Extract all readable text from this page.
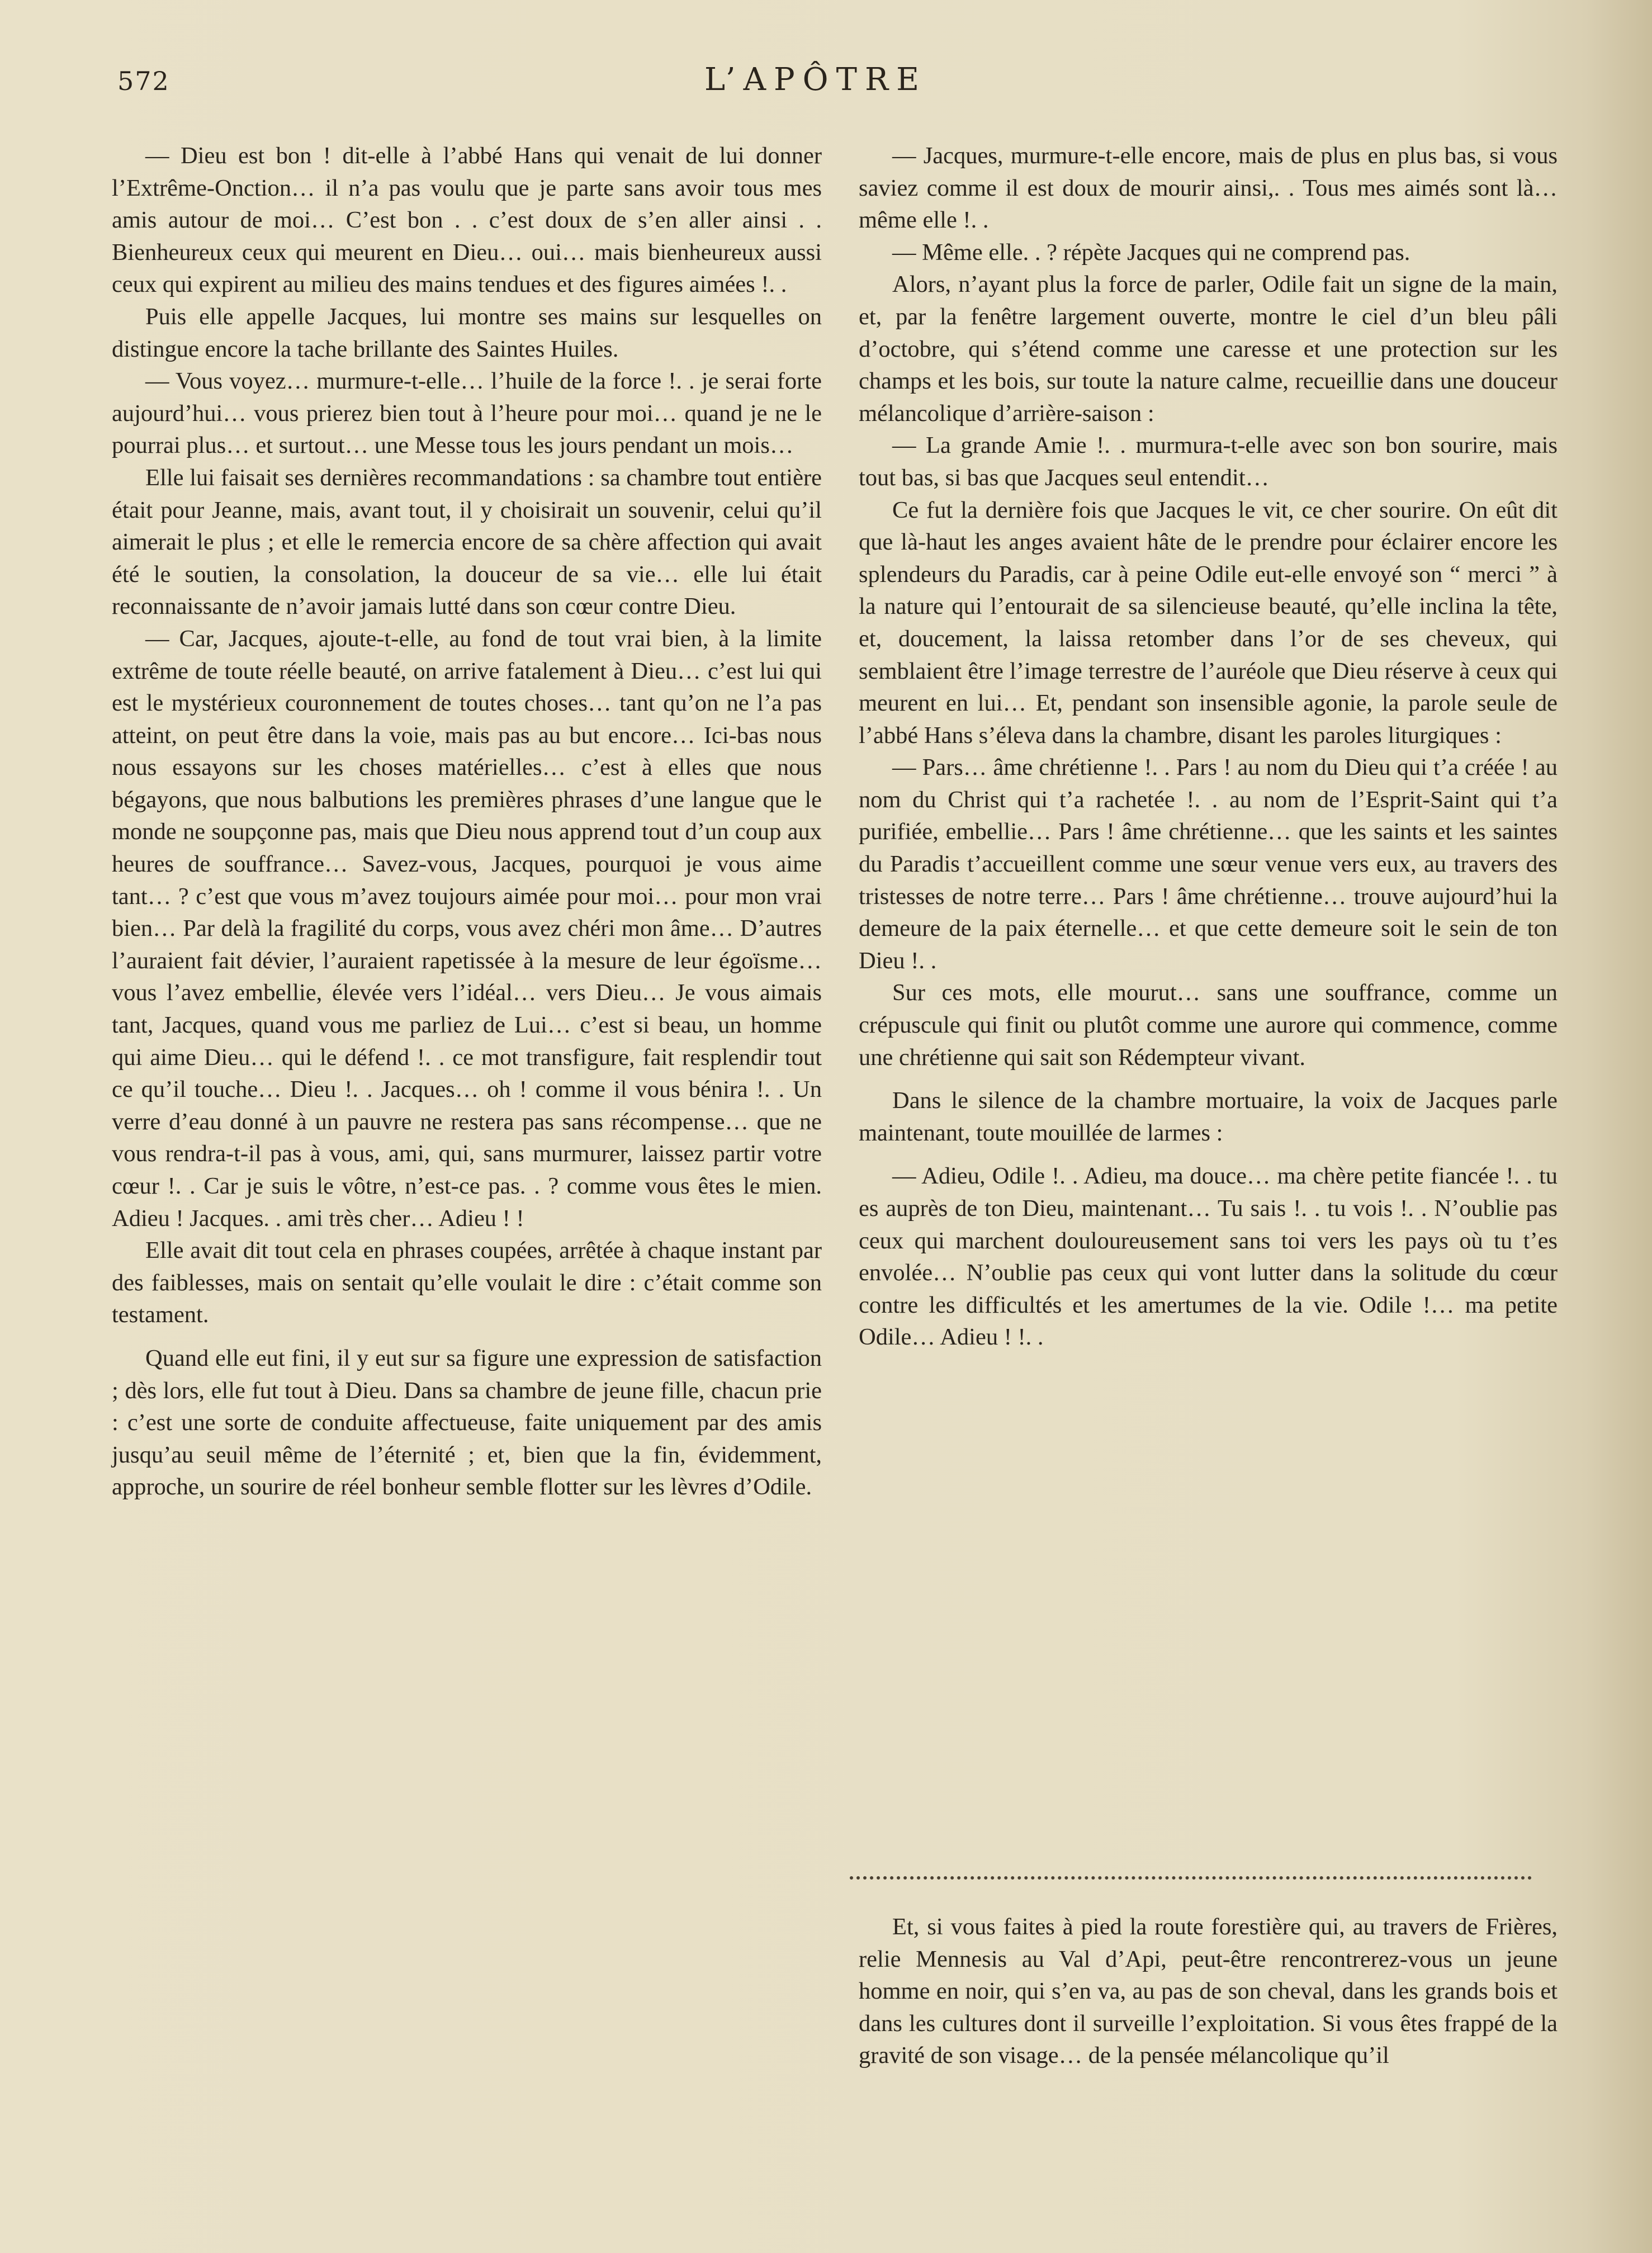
572	L’APÔTRE

— Dieu est bon ! dit-elle à l’abbé Hans qui venait de lui donner l’Extrême-Onction… il n’a pas voulu que je parte sans avoir tous mes amis autour de moi… C’est bon . . c’est doux de s’en aller ainsi . . Bienheureux ceux qui meurent en Dieu… oui… mais bienheureux aussi ceux qui expirent au milieu des mains tendues et des figures aimées !. .

Puis elle appelle Jacques, lui montre ses mains sur lesquelles on distingue encore la tache brillante des Saintes Huiles.

— Vous voyez… murmure-t-elle… l’huile de la force !. . je serai forte aujourd’hui… vous prierez bien tout à l’heure pour moi… quand je ne le pourrai plus… et surtout… une Messe tous les jours pendant un mois…

Elle lui faisait ses dernières recommandations : sa chambre tout entière était pour Jeanne, mais, avant tout, il y choisirait un souvenir, celui qu’il aimerait le plus ; et elle le remercia encore de sa chère affection qui avait été le soutien, la consolation, la douceur de sa vie… elle lui était reconnaissante de n’avoir jamais lutté dans son cœur contre Dieu.

— Car, Jacques, ajoute-t-elle, au fond de tout vrai bien, à la limite extrême de toute réelle beauté, on arrive fatalement à Dieu… c’est lui qui est le mystérieux couronnement de toutes choses… tant qu’on ne l’a pas atteint, on peut être dans la voie, mais pas au but encore… Ici-bas nous nous essayons sur les choses matérielles… c’est à elles que nous bégayons, que nous balbutions les premières phrases d’une langue que le monde ne soupçonne pas, mais que Dieu nous apprend tout d’un coup aux heures de souffrance… Savez-vous, Jacques, pourquoi je vous aime tant… ? c’est que vous m’avez toujours aimée pour moi… pour mon vrai bien… Par delà la fragilité du corps, vous avez chéri mon âme… D’autres l’auraient fait dévier, l’auraient rapetissée à la mesure de leur égoïsme… vous l’avez embellie, élevée vers l’idéal… vers Dieu… Je vous aimais tant, Jacques, quand vous me parliez de Lui… c’est si beau, un homme qui aime Dieu… qui le défend !. . ce mot transfigure, fait resplendir tout ce qu’il touche… Dieu !. . Jacques… oh ! comme il vous bénira !. . Un verre d’eau donné à un pauvre ne restera pas sans récompense… que ne vous rendra-t-il pas à vous, ami, qui, sans murmurer, laissez partir votre cœur !. . Car je suis le vôtre, n’est-ce pas. . ? comme vous êtes le mien. Adieu ! Jacques. . ami très cher… Adieu ! !

Elle avait dit tout cela en phrases coupées, arrêtée à chaque instant par des faiblesses, mais on sentait qu’elle voulait le dire : c’était comme son testament.

Quand elle eut fini, il y eut sur sa figure une expression de satisfaction ; dès lors, elle fut tout à Dieu. Dans sa chambre de jeune fille, chacun prie : c’est une sorte de conduite affectueuse, faite uniquement par des amis jusqu’au seuil même de l’éternité ; et, bien que la fin, évidemment, approche, un sourire de réel bonheur semble flotter sur les lèvres d’Odile.

— Jacques, murmure-t-elle encore, mais de plus en plus bas, si vous saviez comme il est doux de mourir ainsi,. . Tous mes aimés sont là… même elle !. .

— Même elle. . ? répète Jacques qui ne comprend pas.

Alors, n’ayant plus la force de parler, Odile fait un signe de la main, et, par la fenêtre largement ouverte, montre le ciel d’un bleu pâli d’octobre, qui s’étend comme une caresse et une protection sur les champs et les bois, sur toute la nature calme, recueillie dans une douceur mélancolique d’arrière-saison :

— La grande Amie !. . murmura-t-elle avec son bon sourire, mais tout bas, si bas que Jacques seul entendit…

Ce fut la dernière fois que Jacques le vit, ce cher sourire. On eût dit que là-haut les anges avaient hâte de le prendre pour éclairer encore les splendeurs du Paradis, car à peine Odile eut-elle envoyé son “ merci ” à la nature qui l’entourait de sa silencieuse beauté, qu’elle inclina la tête, et, doucement, la laissa retomber dans l’or de ses cheveux, qui semblaient être l’image terrestre de l’auréole que Dieu réserve à ceux qui meurent en lui… Et, pendant son insensible agonie, la parole seule de l’abbé Hans s’éleva dans la chambre, disant les paroles liturgiques :

— Pars… âme chrétienne !. . Pars ! au nom du Dieu qui t’a créée ! au nom du Christ qui t’a rachetée !. . au nom de l’Esprit-Saint qui t’a purifiée, embellie… Pars ! âme chrétienne… que les saints et les saintes du Paradis t’accueillent comme une sœur venue vers eux, au travers des tristesses de notre terre… Pars ! âme chrétienne… trouve aujourd’hui la demeure de la paix éternelle… et que cette demeure soit le sein de ton Dieu !. .

Sur ces mots, elle mourut… sans une souffrance, comme un crépuscule qui finit ou plutôt comme une aurore qui commence, comme une chrétienne qui sait son Rédempteur vivant.

Dans le silence de la chambre mortuaire, la voix de Jacques parle maintenant, toute mouillée de larmes :

— Adieu, Odile !. . Adieu, ma douce… ma chère petite fiancée !. . tu es auprès de ton Dieu, maintenant… Tu sais !. . tu vois !. . N’oublie pas ceux qui marchent douloureusement sans toi vers les pays où tu t’es envolée… N’oublie pas ceux qui vont lutter dans la solitude du cœur contre les difficultés et les amertumes de la vie. Odile !… ma petite Odile… Adieu ! !. .

Et, si vous faites à pied la route forestière qui, au travers de Frières, relie Mennesis au Val d’Api, peut-être rencontrerez-vous un jeune homme en noir, qui s’en va, au pas de son cheval, dans les grands bois et dans les cultures dont il surveille l’exploitation. Si vous êtes frappé de la gravité de son visage… de la pensée mélancolique qu’il
